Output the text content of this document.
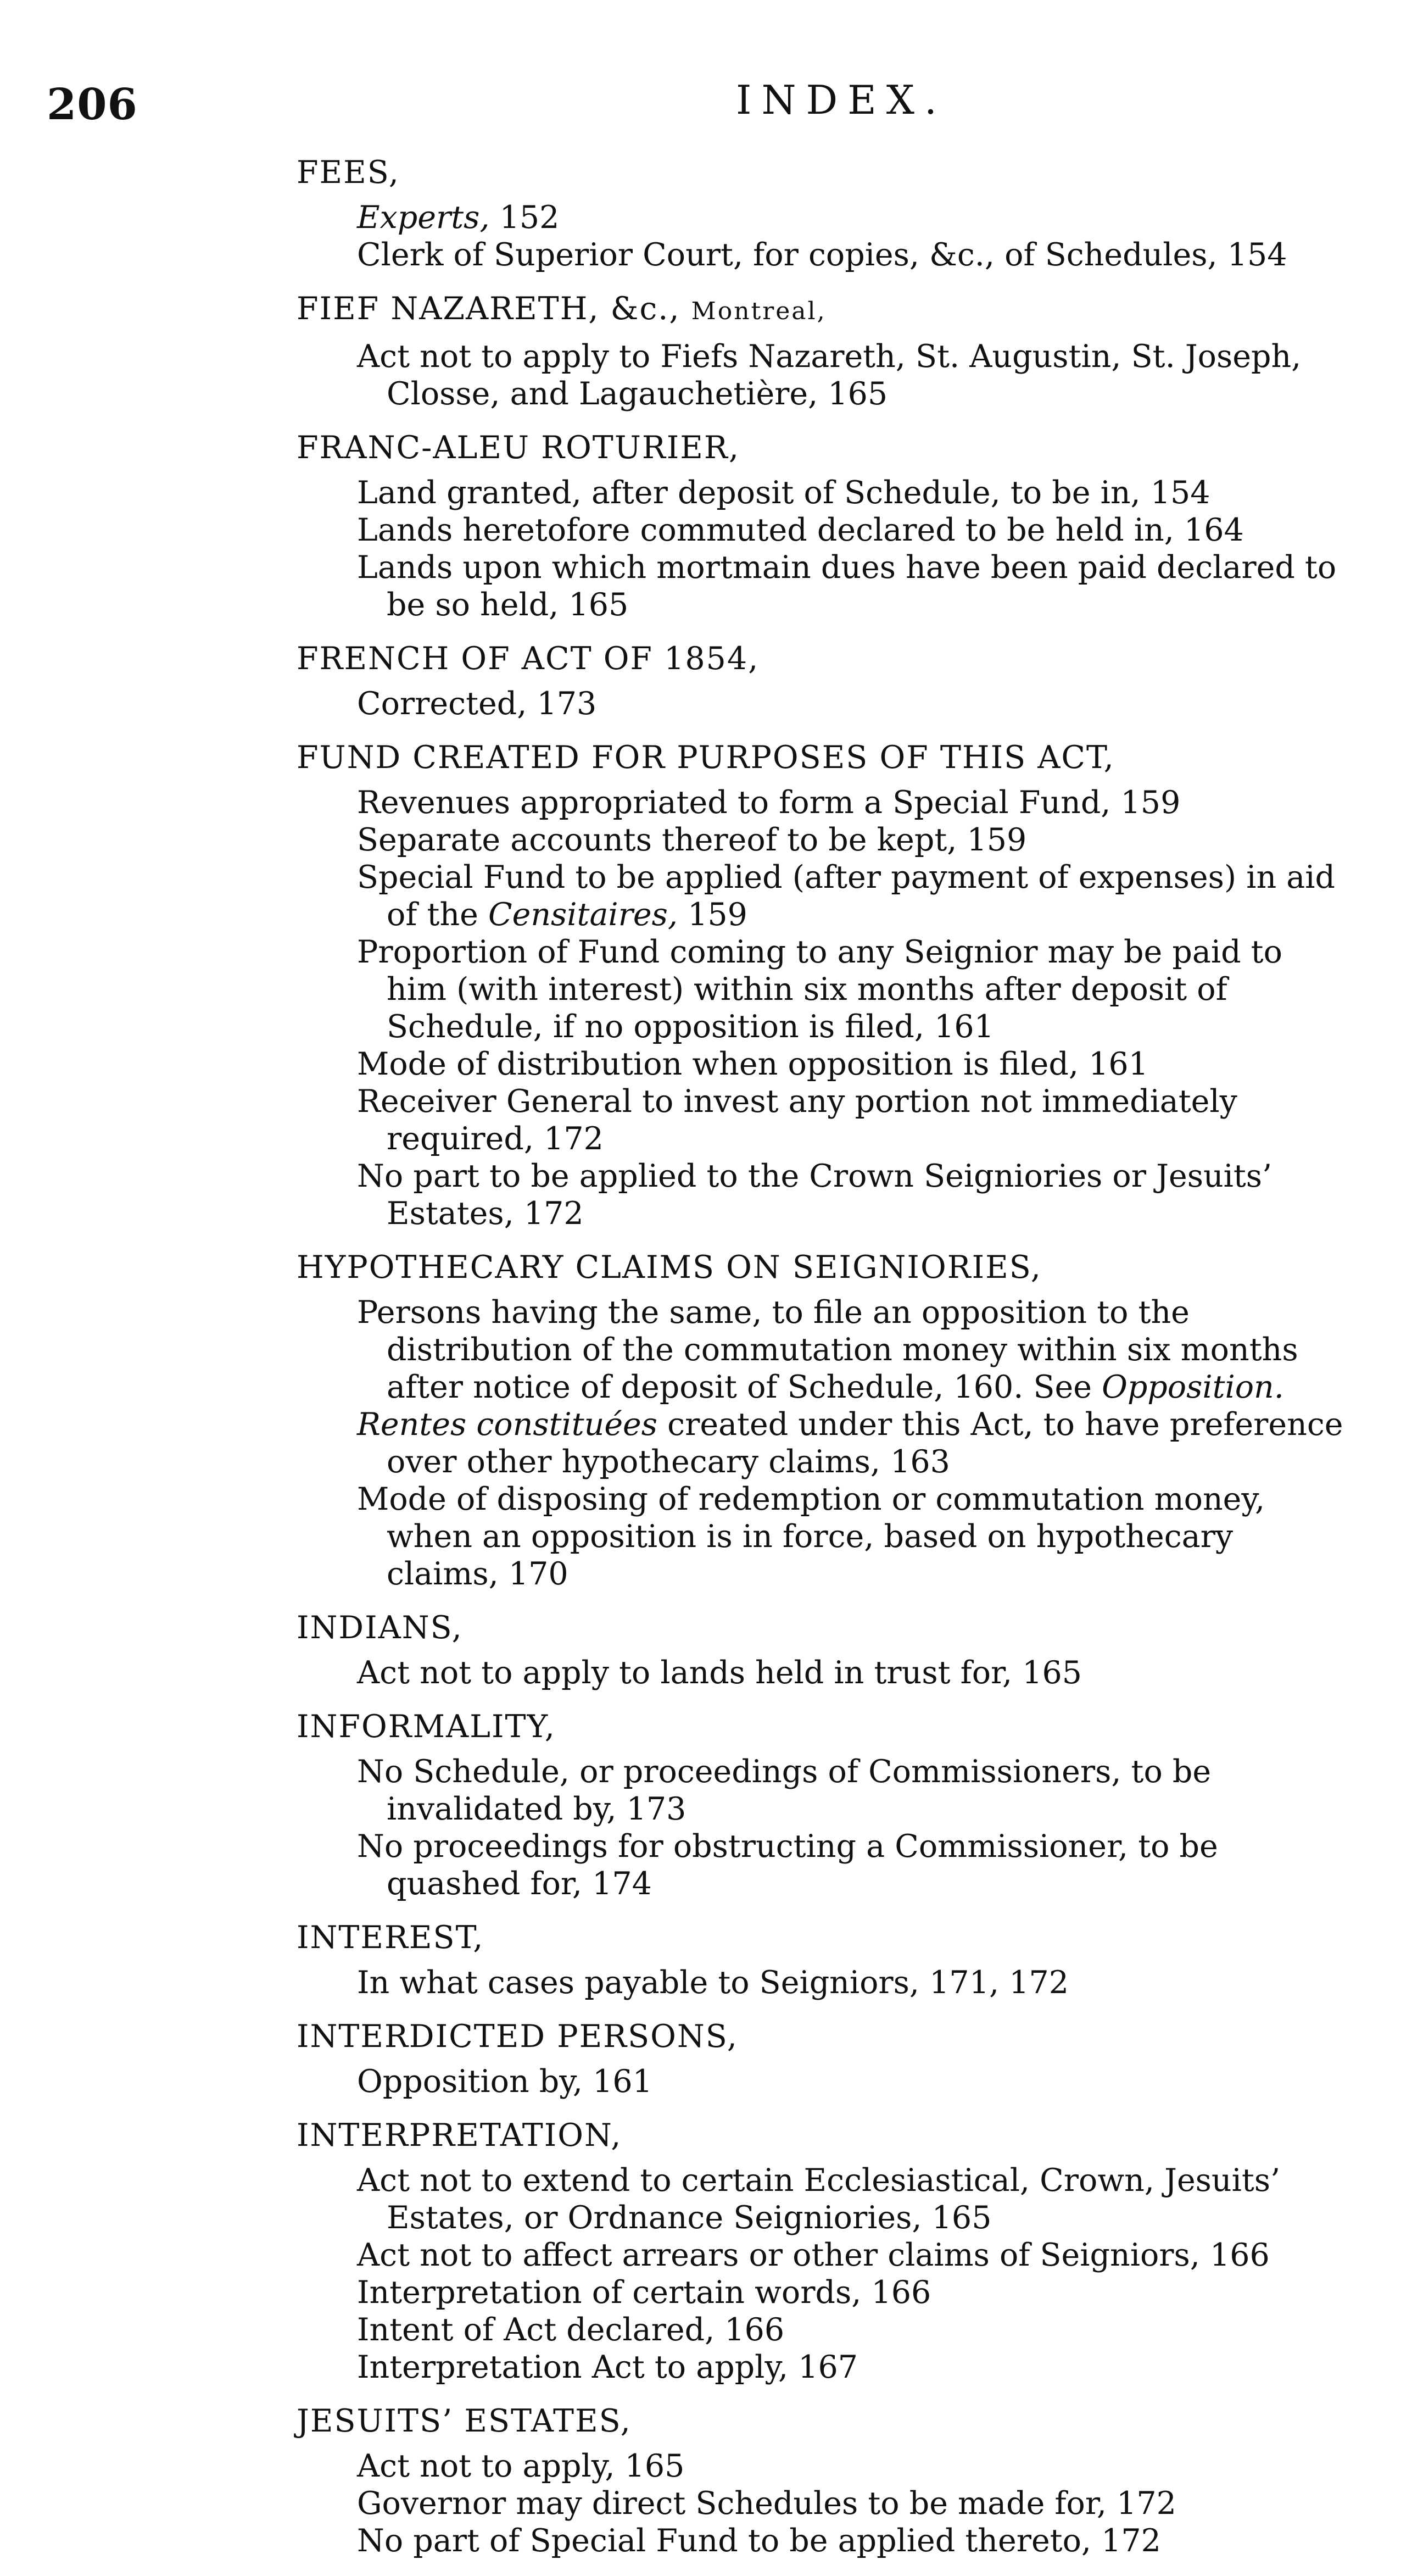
206	INDEX.
FEES,
Experts, 152
Clerk of Superior Court, for copies, &c., of Schedules, 154
FIEF NAZARETH, &c., Montreal,
Act not to apply to Fiefs Nazareth, St. Augustin, St. Joseph, Closse, and Lagauchetière, 165
FRANC-ALEU ROTURIER,
Land granted, after deposit of Schedule, to be in, 154
Lands heretofore commuted declared to be held in, 164
Lands upon which mortmain dues have been paid declared to be so held, 165
FRENCH OF ACT OF 1854,
Corrected, 173
FUND CREATED FOR PURPOSES OF THIS ACT,
Revenues appropriated to form a Special Fund, 159
Separate accounts thereof to be kept, 159
Special Fund to be applied (after payment of expenses) in aid of the Censitaires, 159
Proportion of Fund coming to any Seignior may be paid to him (with interest) within six months after deposit of Schedule, if no opposition is filed, 161
Mode of distribution when opposition is filed, 161
Receiver General to invest any portion not immediately required, 172
No part to be applied to the Crown Seigniories or Jesuits’ Estates, 172
HYPOTHECARY CLAIMS ON SEIGNIORIES,
Persons having the same, to file an opposition to the distribution of the commutation money within six months after notice of deposit of Schedule, 160. See Opposition.
Rentes constituées created under this Act, to have preference over other hypothecary claims, 163
Mode of disposing of redemption or commutation money, when an opposition is in force, based on hypothecary claims, 170
INDIANS,
Act not to apply to lands held in trust for, 165
INFORMALITY,
No Schedule, or proceedings of Commissioners, to be invalidated by, 173
No proceedings for obstructing a Commissioner, to be quashed for, 174
INTEREST,
In what cases payable to Seigniors, 171, 172
INTERDICTED PERSONS,
Opposition by, 161
INTERPRETATION,
Act not to extend to certain Ecclesiastical, Crown, Jesuits’ Estates, or Ordnance Seigniories, 165
Act not to affect arrears or other claims of Seigniors, 166
Interpretation of certain words, 166
Intent of Act declared, 166
Interpretation Act to apply, 167
JESUITS’ ESTATES,
Act not to apply, 165
Governor may direct Schedules to be made for, 172
No part of Special Fund to be applied thereto, 172
